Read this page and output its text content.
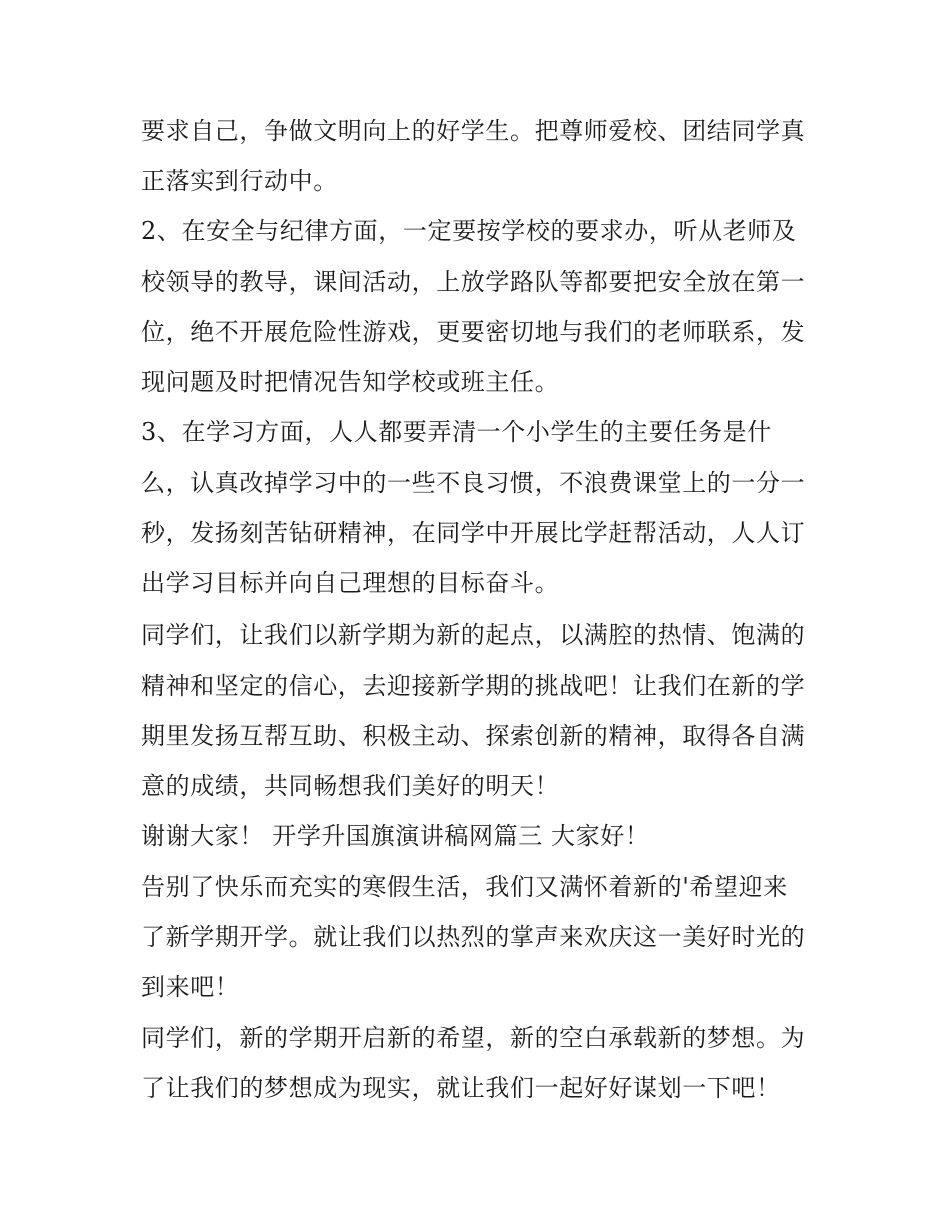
要求自己，争做文明向上的好学生。把尊师爱校、团结同学真
正落实到行动中。
2、在安全与纪律方面，一定要按学校的要求办，听从老师及
校领导的教导，课间活动，上放学路队等都要把安全放在第一
位，绝不开展危险性游戏，更要密切地与我们的老师联系，发
现问题及时把情况告知学校或班主任。
3、在学习方面，人人都要弄清一个小学生的主要任务是什
么，认真改掉学习中的一些不良习惯，不浪费课堂上的一分一
秒，发扬刻苦钻研精神，在同学中开展比学赶帮活动，人人订
出学习目标并向自己理想的目标奋斗。
同学们，让我们以新学期为新的起点，以满腔的热情、饱满的
精神和坚定的信心，去迎接新学期的挑战吧！让我们在新的学
期里发扬互帮互助、积极主动、探索创新的精神，取得各自满
意的成绩，共同畅想我们美好的明天！
谢谢大家！ 开学升国旗演讲稿网篇三 大家好！
告别了快乐而充实的寒假生活，我们又满怀着新的'希望迎来
了新学期开学。就让我们以热烈的掌声来欢庆这一美好时光的
到来吧！
同学们，新的学期开启新的希望，新的空白承载新的梦想。为
了让我们的梦想成为现实，就让我们一起好好谋划一下吧！
